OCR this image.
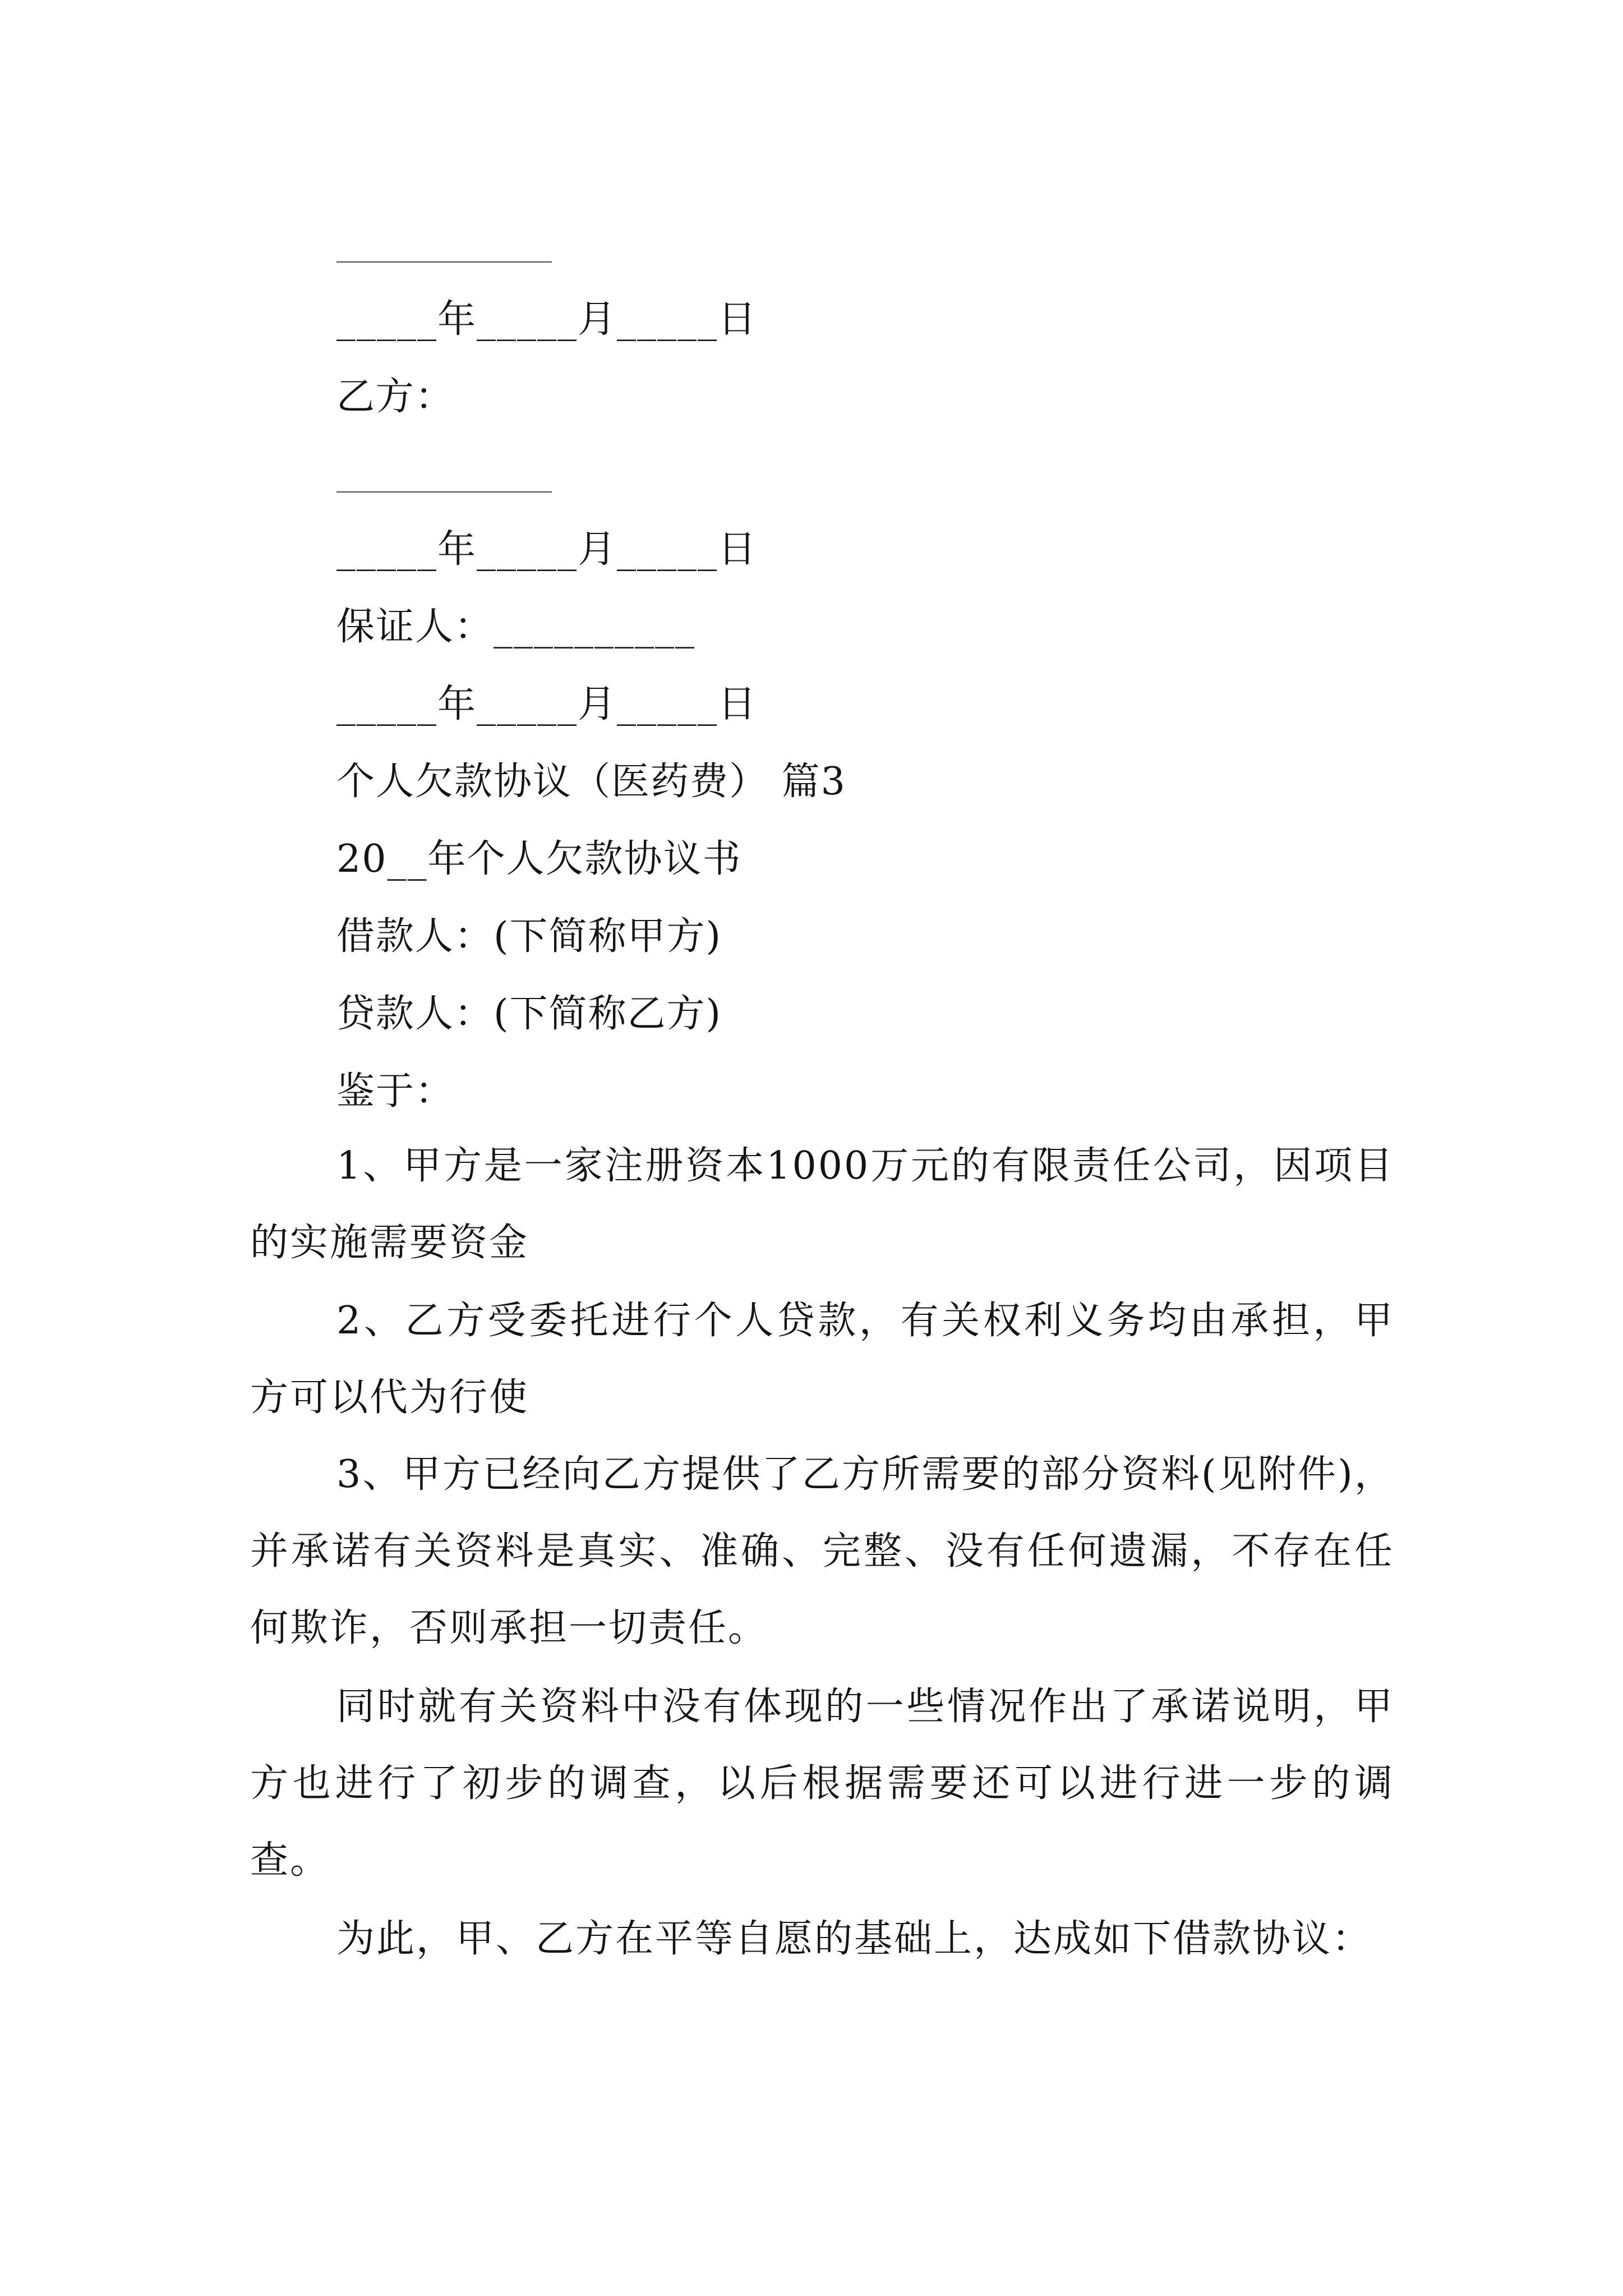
_____年_____月_____日
乙方：
_____年_____月_____日
保证人：__________
_____年_____月_____日
个人欠款协议（医药费） 篇3
20__年个人欠款协议书
借款人：(下简称甲方)
贷款人：(下简称乙方)
鉴于：
1、甲方是一家注册资本1000万元的有限责任公司，因项目的实施需要资金
2、乙方受委托进行个人贷款，有关权利义务均由承担，甲方可以代为行使
3、甲方已经向乙方提供了乙方所需要的部分资料(见附件)，并承诺有关资料是真实、准确、完整、没有任何遗漏，不存在任何欺诈，否则承担一切责任。
同时就有关资料中没有体现的一些情况作出了承诺说明，甲方也进行了初步的调查，以后根据需要还可以进行进一步的调查。
为此，甲、乙方在平等自愿的基础上，达成如下借款协议：
